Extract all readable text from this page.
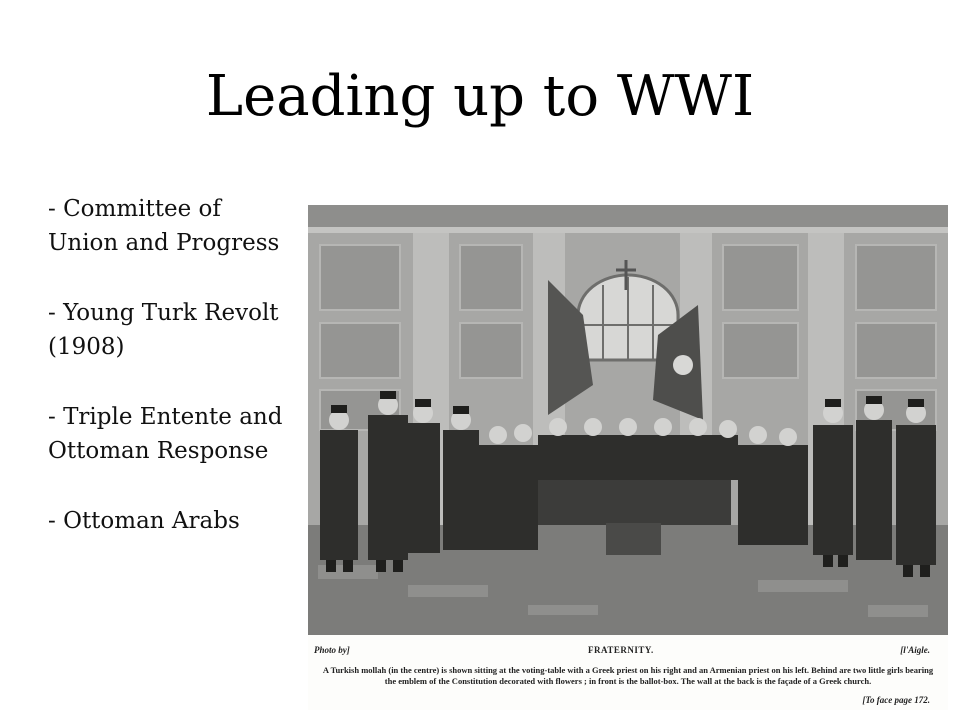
Leading up to WWI
- Committee of Union and Progress
- Young Turk Revolt (1908)
- Triple Entente and Ottoman Response
- Ottoman Arabs
Photo by]	FRATERNITY.	[l'Aigle.
A Turkish mollah (in the centre) is shown sitting at the voting-table with a Greek priest on his right and an Armenian priest on his left. Behind are two little girls bearing the emblem of the Constitution decorated with flowers ; in front is the ballot-box. The wall at the back is the façade of a Greek church.
[To face page 172.
